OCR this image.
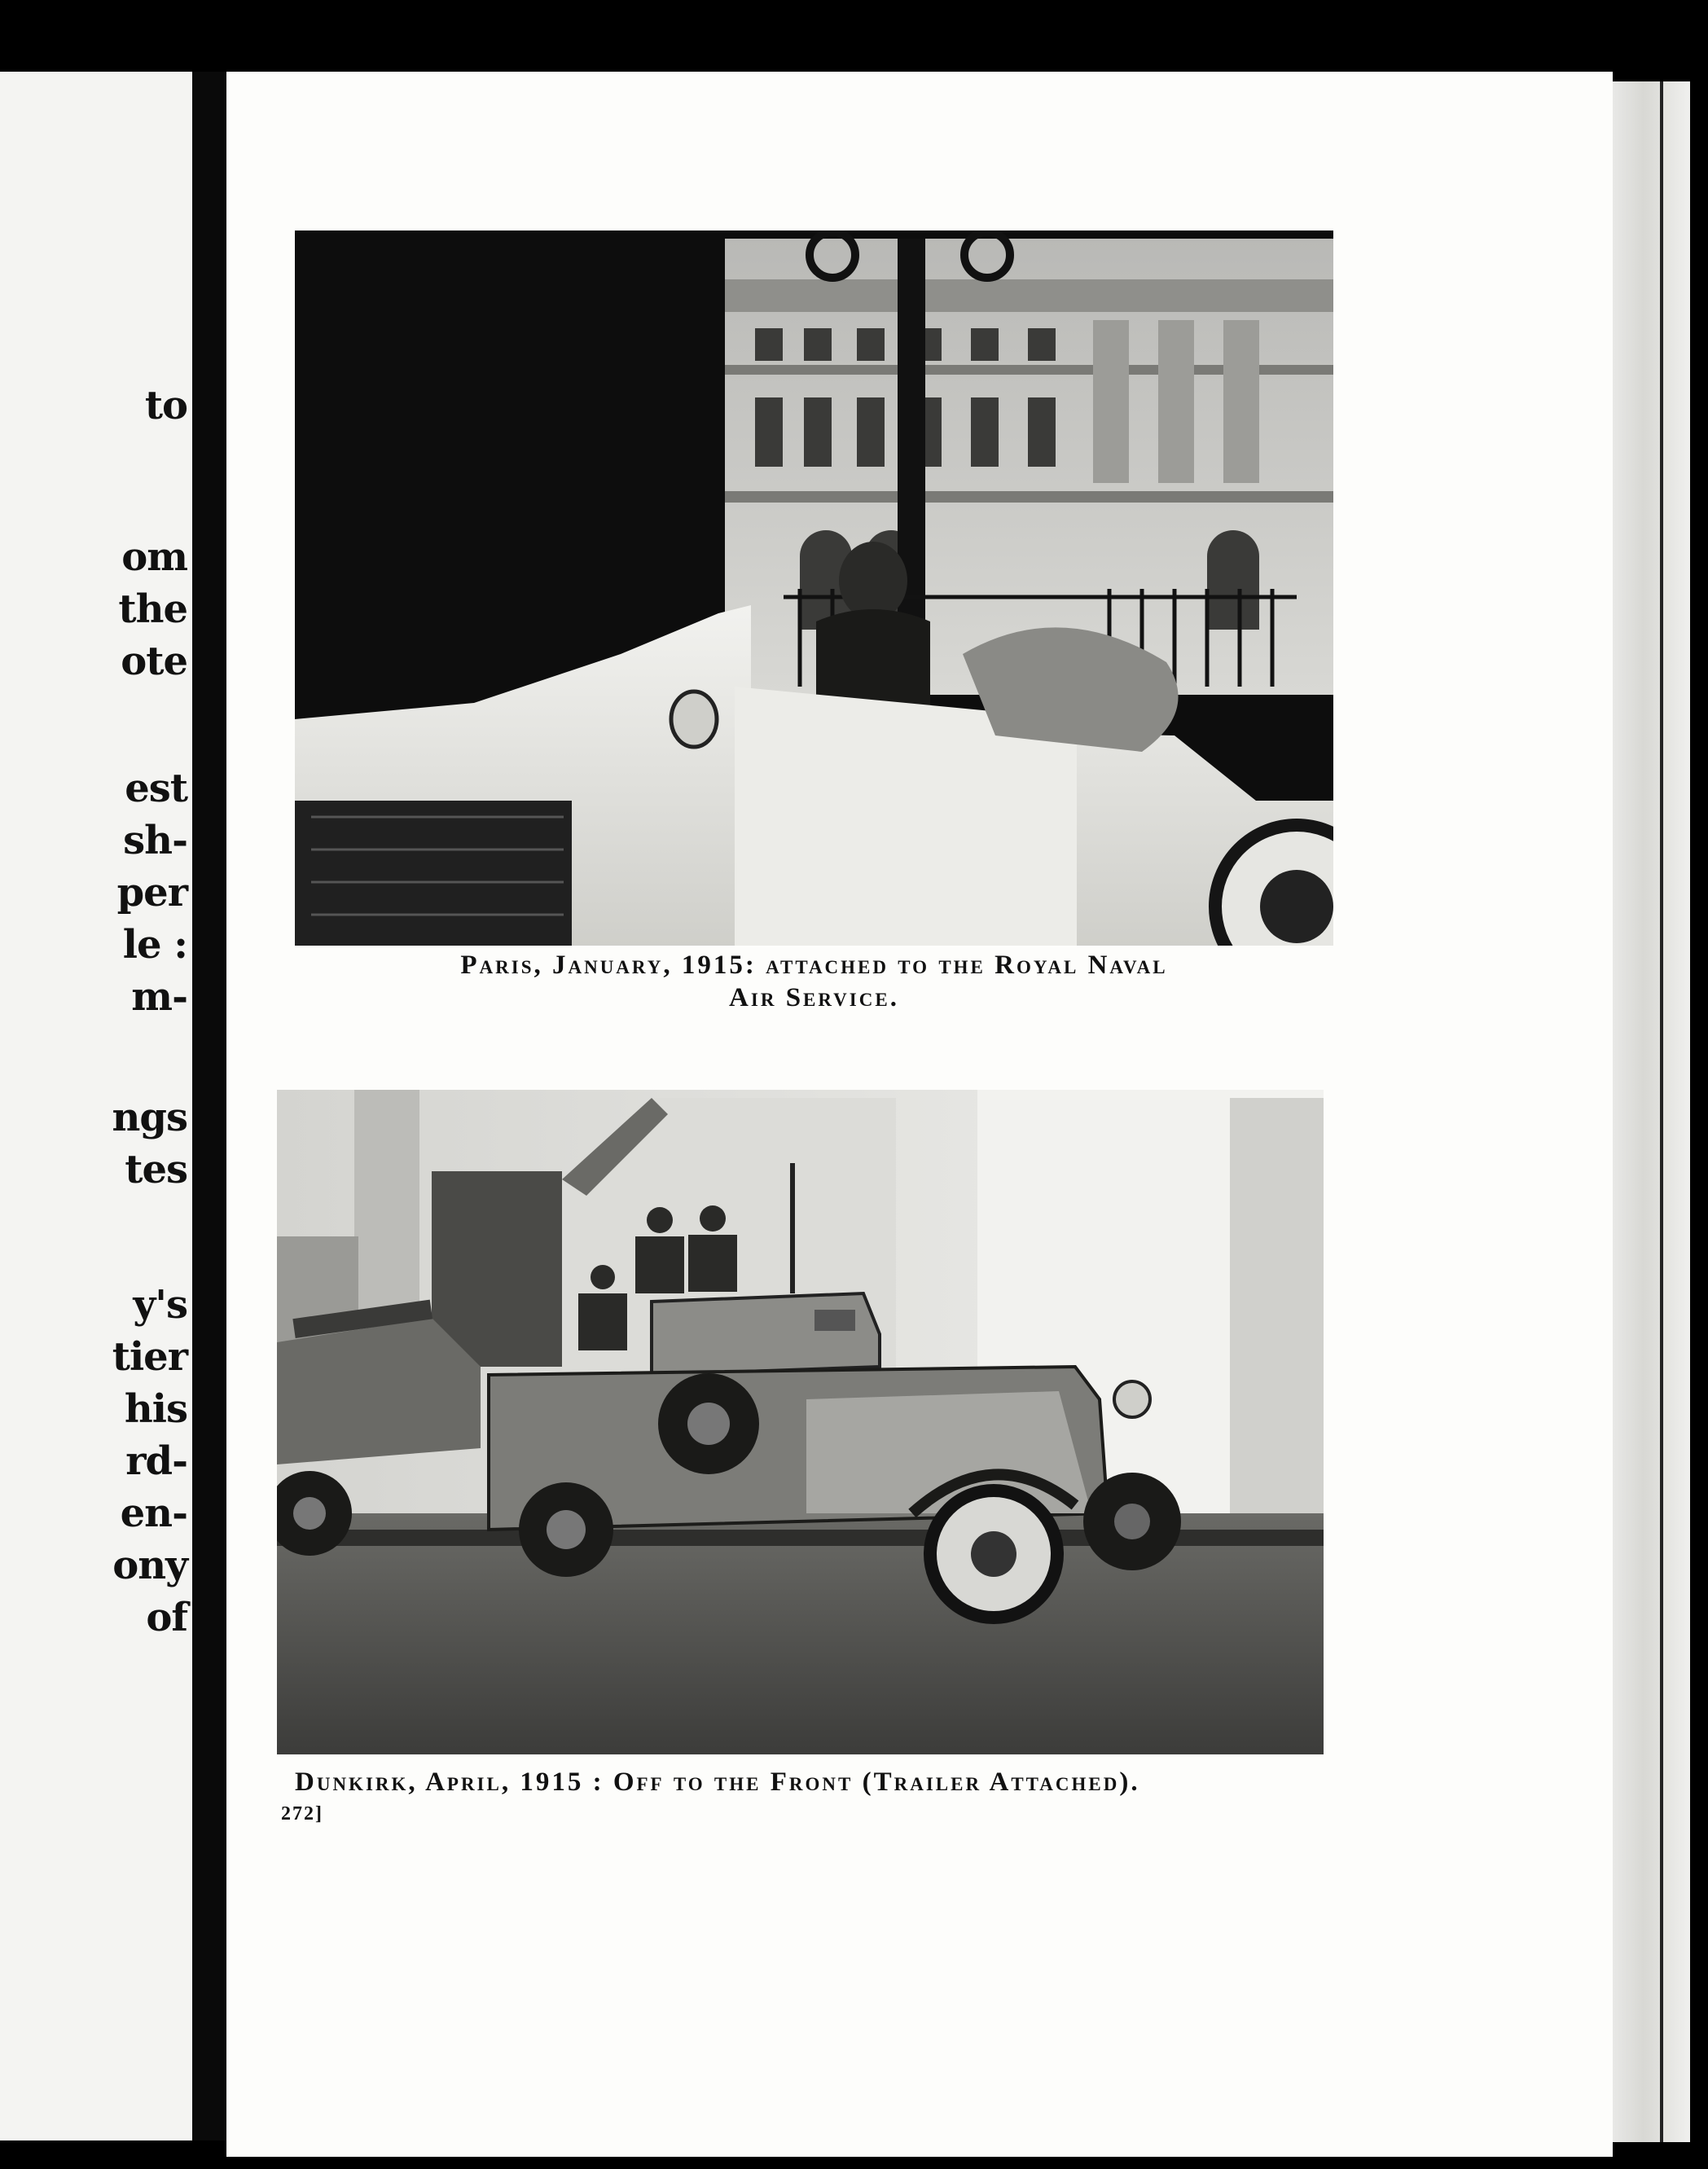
to
om
the
ote
est
sh-
per
le :
m-
ngs
tes
y's
tier
his
rd-
en-
ony
of
Paris, January, 1915: attached to the Royal Naval
Air Service.
Dunkirk, April, 1915 : Off to the Front (Trailer Attached).
272]
